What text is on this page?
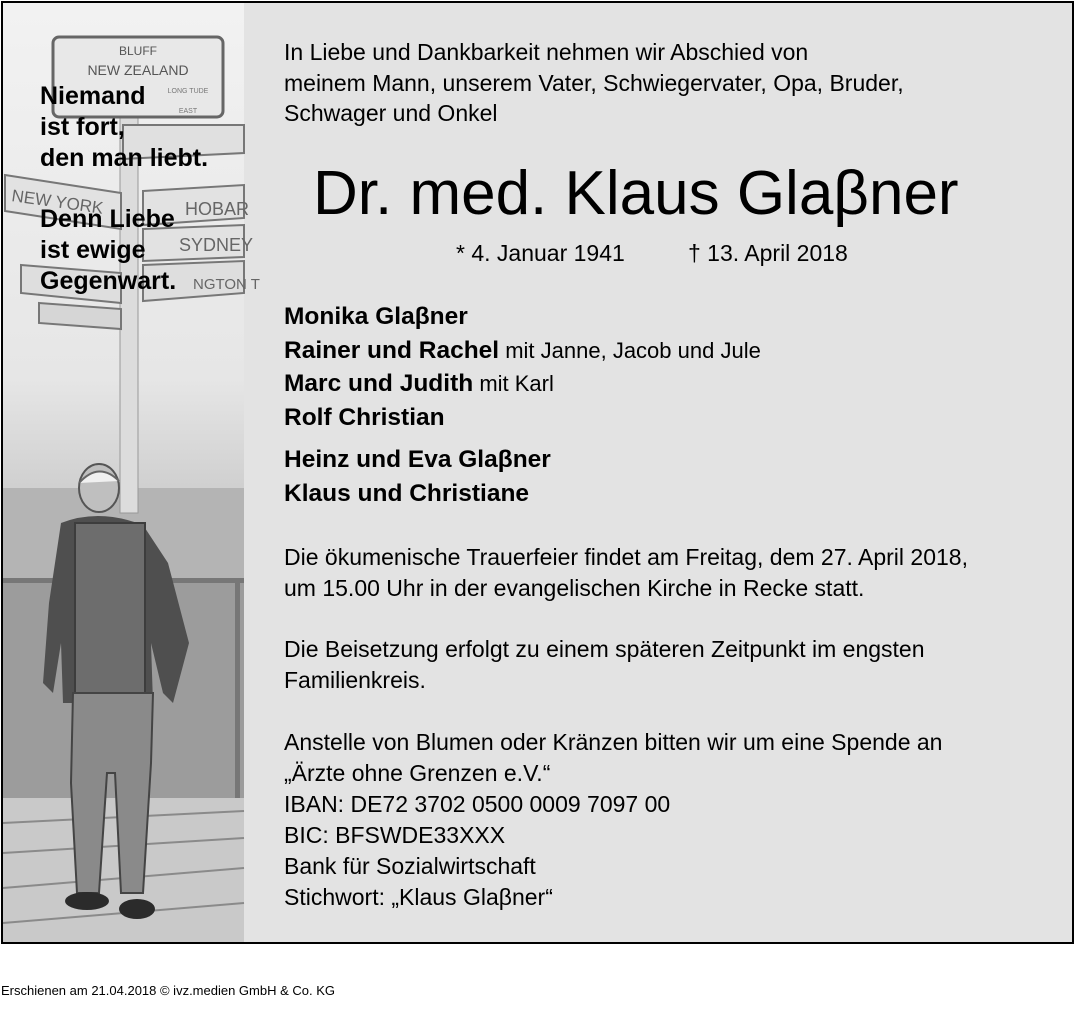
BLUFF
NEW ZEALAND
LONG TUDE
EAST
NEW YORK	HOBAR
SYDNEY
NGTON T
Niemand
ist fort,
den man liebt.
Denn Liebe
ist ewige
Gegenwart.
In Liebe und Dankbarkeit nehmen wir Abschied von
meinem Mann, unserem Vater, Schwiegervater, Opa, Bruder,
Schwager und Onkel
Dr. med. Klaus Glaβner
* 4. Januar 1941	† 13. April 2018
Monika Glaβner
Rainer und Rachel mit Janne, Jacob und Jule
Marc und Judith mit Karl
Rolf Christian
Heinz und Eva Glaβner
Klaus und Christiane
Die ökumenische Trauerfeier findet am Freitag, dem 27. April 2018,
um 15.00 Uhr in der evangelischen Kirche in Recke statt.
Die Beisetzung erfolgt zu einem späteren Zeitpunkt im engsten
Familienkreis.
Anstelle von Blumen oder Kränzen bitten wir um eine Spende an
„Ärzte ohne Grenzen e.V.“
IBAN: DE72 3702 0500 0009 7097 00
BIC: BFSWDE33XXX
Bank für Sozialwirtschaft
Stichwort: „Klaus Glaβner“
Erschienen am 21.04.2018 © ivz.medien GmbH & Co. KG
